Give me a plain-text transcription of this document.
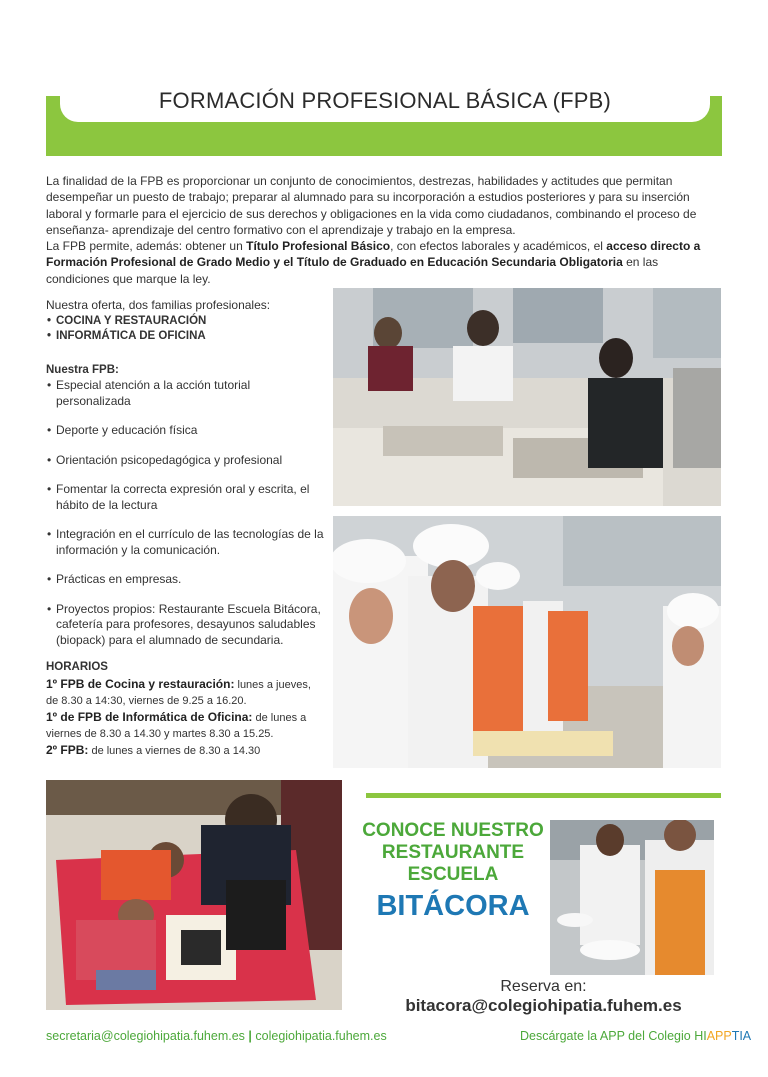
FORMACIÓN PROFESIONAL BÁSICA (FPB)

La finalidad de la FPB es proporcionar un conjunto de conocimientos, destrezas, habilidades y actitudes que permitan desempeñar un puesto de trabajo; preparar al alumnado para su incorporación a estudios posteriores y para su inserción laboral y formarle para el ejercicio de sus derechos y obligaciones en la vida como ciudadanos, combinando el proceso de enseñanza- aprendizaje del centro formativo con el aprendizaje y trabajo en la empresa.

La FPB permite, además: obtener un Título Profesional Básico, con efectos laborales y académicos, el acceso directo a Formación Profesional de Grado Medio y el Título de Graduado en Educación Secundaria Obligatoria en las condiciones que marque la ley.

Nuestra oferta, dos familias profesionales:
• COCINA Y RESTAURACIÓN
• INFORMÁTICA DE OFICINA
Nuestra FPB:
• Especial atención a la acción tutorial personalizada
• Deporte y educación física
• Orientación psicopedagógica y profesional
• Fomentar la correcta expresión oral y escrita, el hábito de la lectura
• Integración en el currículo de las tecnologías de la información y la comunicación.
• Prácticas en empresas.
• Proyectos propios: Restaurante Escuela Bitácora, cafetería para profesores, desayunos saludables (biopack) para el alumnado de secundaria.
HORARIOS
1º FPB de Cocina y restauración: lunes a jueves, de 8.30 a 14:30, viernes de 9.25 a 16.20.
1º de FPB de Informática de Oficina: de lunes a viernes de 8.30 a 14.30 y martes 8.30 a 15.25.
2º FPB: de lunes a viernes de 8.30 a 14.30
CONOCE NUESTRO
RESTAURANTE
ESCUELA
BITÁCORA
Reserva en:
bitacora@colegiohipatia.fuhem.es
secretaria@colegiohipatia.fuhem.es | colegiohipatia.fuhem.es	Descárgate la APP del Colegio HIAPPTIA
